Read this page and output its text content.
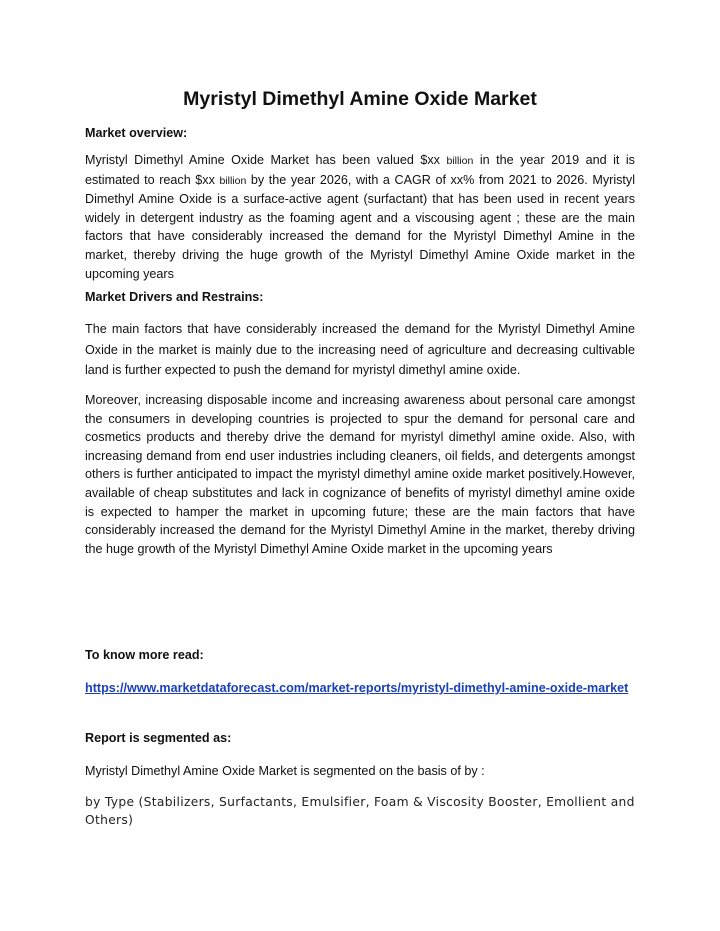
Myristyl Dimethyl Amine Oxide Market

Market overview:

Myristyl Dimethyl Amine Oxide Market has been valued $xx billion in the year 2019 and it is estimated to reach $xx billion by the year 2026, with a CAGR of xx% from 2021 to 2026. Myristyl Dimethyl Amine Oxide is a surface-active agent (surfactant) that has been used in recent years widely in detergent industry as the foaming agent and a viscousing agent ; these are the main factors that have considerably increased the demand for the Myristyl Dimethyl Amine in the market, thereby driving the huge growth of the Myristyl Dimethyl Amine Oxide market in the upcoming years

Market Drivers and Restrains:

The main factors that have considerably increased the demand for the Myristyl Dimethyl Amine Oxide in the market is mainly due to the increasing need of agriculture and decreasing cultivable land is further expected to push the demand for myristyl dimethyl amine oxide.

Moreover, increasing disposable income and increasing awareness about personal care amongst the consumers in developing countries is projected to spur the demand for personal care and cosmetics products and thereby drive the demand for myristyl dimethyl amine oxide. Also, with increasing demand from end user industries including cleaners, oil fields, and detergents amongst others is further anticipated to impact the myristyl dimethyl amine oxide market positively.However, available of cheap substitutes and lack in cognizance of benefits of myristyl dimethyl amine oxide is expected to hamper the market in upcoming future; these are the main factors that have considerably increased the demand for the Myristyl Dimethyl Amine in the market, thereby driving the huge growth of the Myristyl Dimethyl Amine Oxide market in the upcoming years

To know more read:

https://www.marketdataforecast.com/market-reports/myristyl-dimethyl-amine-oxide-market

Report is segmented as:

Myristyl Dimethyl Amine Oxide Market is segmented on the basis of by :

by Type (Stabilizers, Surfactants, Emulsifier, Foam & Viscosity Booster, Emollient and Others)
